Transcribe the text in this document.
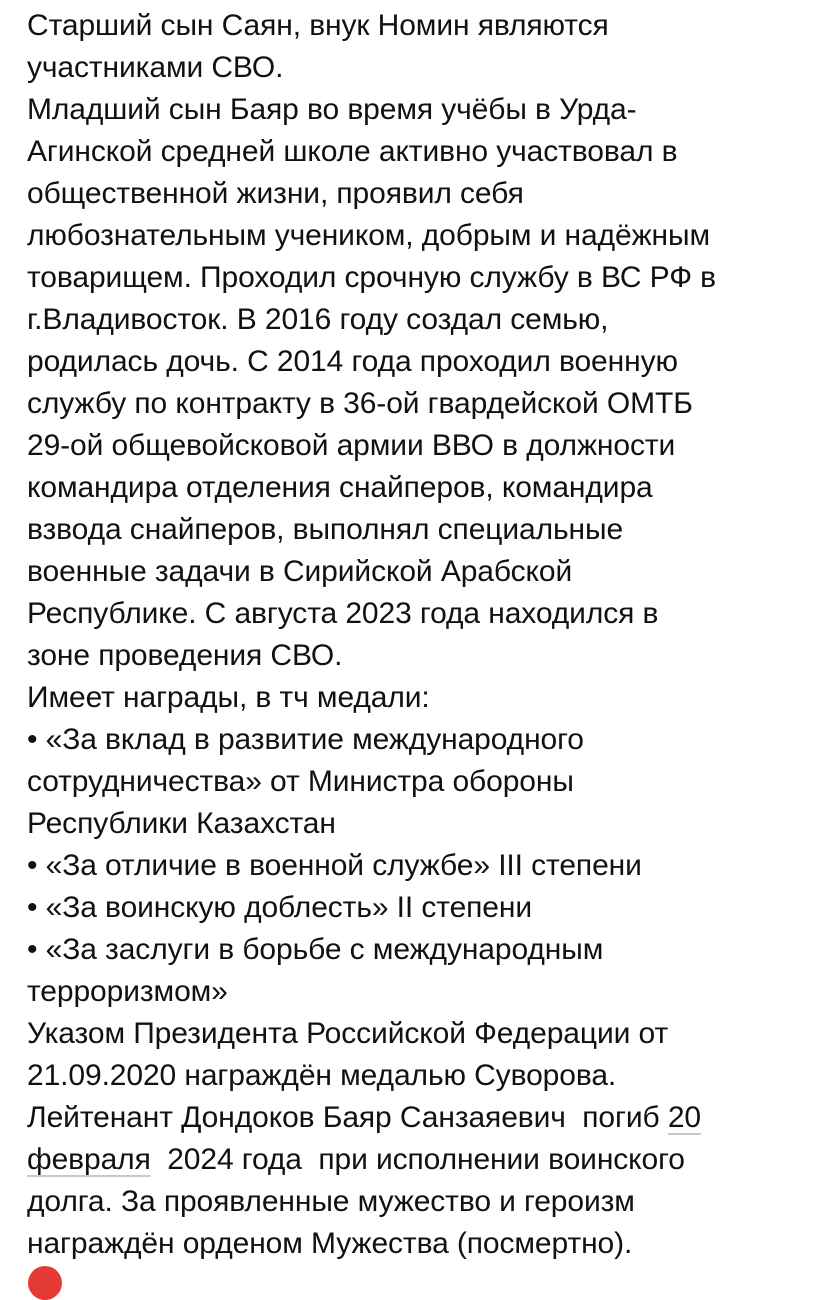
Старший сын Саян, внук Номин являются
участниками СВО.
Младший сын Баяр во время учёбы в Урда-
Агинской средней школе активно участвовал в
общественной жизни, проявил себя
любознательным учеником, добрым и надёжным
товарищем. Проходил срочную службу в ВС РФ в
г.Владивосток. В 2016 году создал семью,
родилась дочь. С 2014 года проходил военную
службу по контракту в 36-ой гвардейской ОМТБ
29-ой общевойсковой армии ВВО в должности
командира отделения снайперов, командира
взвода снайперов, выполнял специальные
военные задачи в Сирийской Арабской
Республике. С августа 2023 года находился в
зоне проведения СВО.
Имеет награды, в тч медали:
• «За вклад в развитие международного
сотрудничества» от Министра обороны
Республики Казахстан
• «За отличие в военной службе» III степени
• «За воинскую доблесть» II степени
• «За заслуги в борьбе с международным
терроризмом»
Указом Президента Российской Федерации от
21.09.2020 награждён медалью Суворова.
Лейтенант Дондоков Баяр Санзаяевич  погиб 20
февраля  2024 года  при исполнении воинского
долга. За проявленные мужество и героизм
награждён орденом Мужества (посмертно).
